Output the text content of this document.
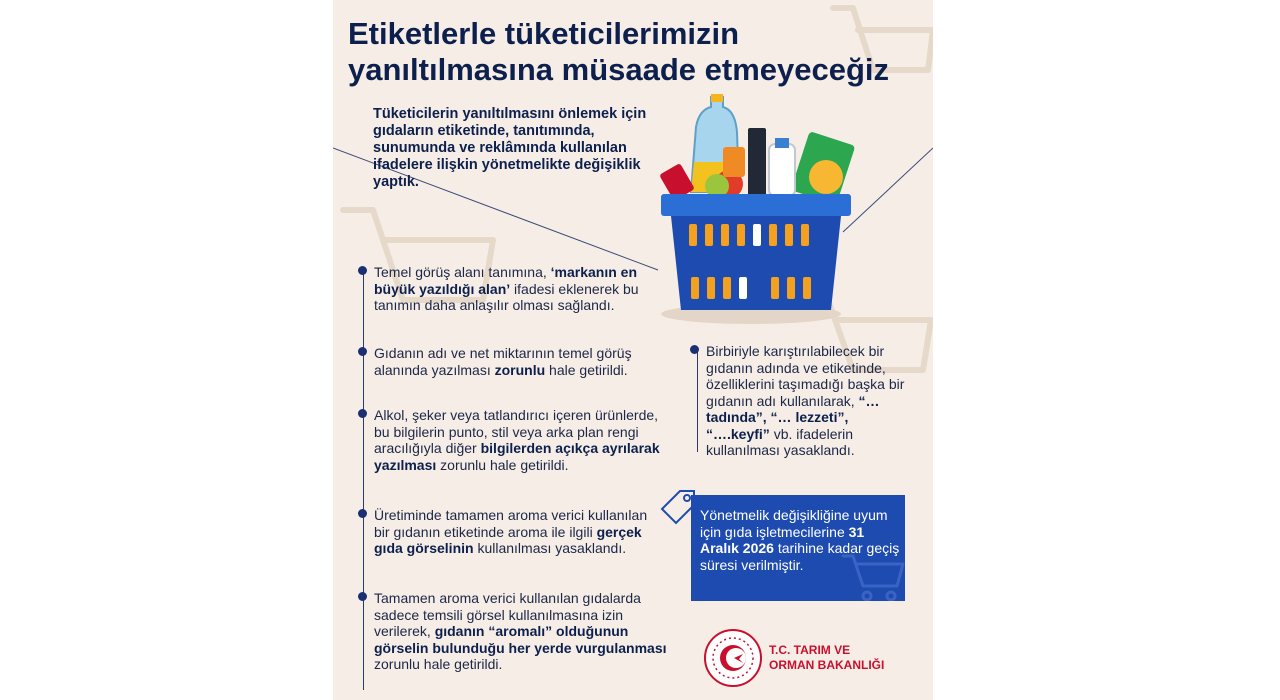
Etiketlerle tüketicilerimizin yanıltılmasına müsaade etmeyeceğiz

Tüketicilerin yanıltılmasını önlemek için gıdaların etiketinde, tanıtımında, sunumunda ve reklâmında kullanılan ifadelere ilişkin yönetmelikte değişiklik yaptık.

Temel görüş alanı tanımına, ‘markanın en büyük yazıldığı alan’ ifadesi eklenerek bu tanımın daha anlaşılır olması sağlandı.

Gıdanın adı ve net miktarının temel görüş alanında yazılması zorunlu hale getirildi.

Alkol, şeker veya tatlandırıcı içeren ürünlerde, bu bilgilerin punto, stil veya arka plan rengi aracılığıyla diğer bilgilerden açıkça ayrılarak yazılması zorunlu hale getirildi.

Üretiminde tamamen aroma verici kullanılan bir gıdanın etiketinde aroma ile ilgili gerçek gıda görselinin kullanılması yasaklandı.

Tamamen aroma verici kullanılan gıdalarda sadece temsili görsel kullanılmasına izin verilerek, gıdanın “aromalı” olduğunun görselin bulunduğu her yerde vurgulanması zorunlu hale getirildi.

Birbiriyle karıştırılabilecek bir gıdanın adında ve etiketinde, özelliklerini taşımadığı başka bir gıdanın adı kullanılarak, “… tadında”, “… lezzeti”, “….keyfi” vb. ifadelerin kullanılması yasaklandı.

Yönetmelik değişikliğine uyum için gıda işletmecilerine 31 Aralık 2026 tarihine kadar geçiş süresi verilmiştir.

T.C. TARIM VE
ORMAN BAKANLIĞI
